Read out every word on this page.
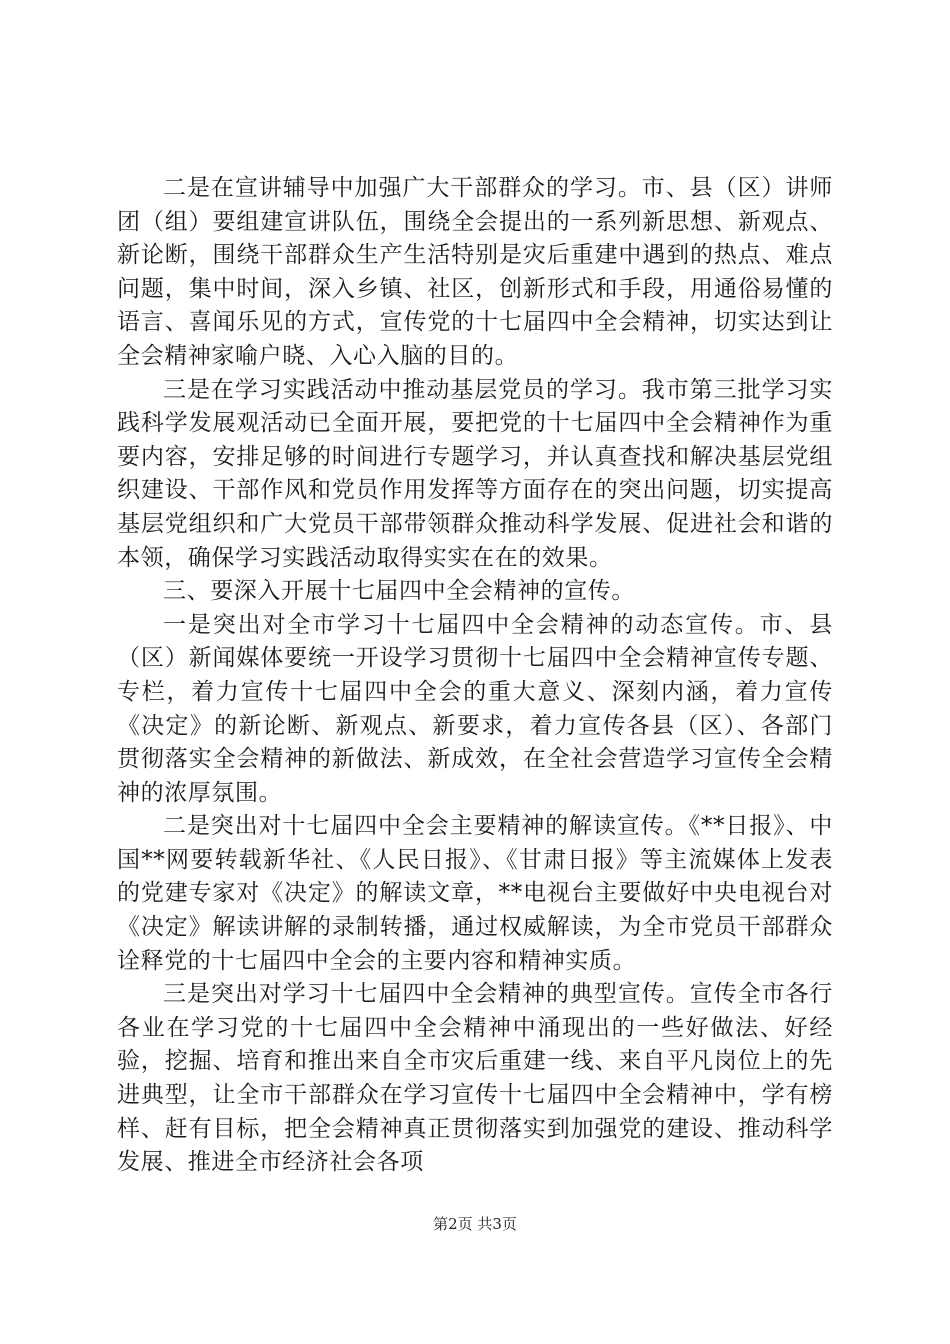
二是在宣讲辅导中加强广大干部群众的学习。市、县（区）讲师团（组）要组建宣讲队伍，围绕全会提出的一系列新思想、新观点、新论断，围绕干部群众生产生活特别是灾后重建中遇到的热点、难点问题，集中时间，深入乡镇、社区，创新形式和手段，用通俗易懂的语言、喜闻乐见的方式，宣传党的十七届四中全会精神，切实达到让全会精神家喻户晓、入心入脑的目的。

三是在学习实践活动中推动基层党员的学习。我市第三批学习实践科学发展观活动已全面开展，要把党的十七届四中全会精神作为重要内容，安排足够的时间进行专题学习，并认真查找和解决基层党组织建设、干部作风和党员作用发挥等方面存在的突出问题，切实提高基层党组织和广大党员干部带领群众推动科学发展、促进社会和谐的本领，确保学习实践活动取得实实在在的效果。

三、要深入开展十七届四中全会精神的宣传。

一是突出对全市学习十七届四中全会精神的动态宣传。市、县（区）新闻媒体要统一开设学习贯彻十七届四中全会精神宣传专题、专栏，着力宣传十七届四中全会的重大意义、深刻内涵，着力宣传《决定》的新论断、新观点、新要求，着力宣传各县（区）、各部门贯彻落实全会精神的新做法、新成效，在全社会营造学习宣传全会精神的浓厚氛围。

二是突出对十七届四中全会主要精神的解读宣传。《**日报》、中国**网要转载新华社、《人民日报》、《甘肃日报》等主流媒体上发表的党建专家对《决定》的解读文章，**电视台主要做好中央电视台对《决定》解读讲解的录制转播，通过权威解读，为全市党员干部群众诠释党的十七届四中全会的主要内容和精神实质。

三是突出对学习十七届四中全会精神的典型宣传。宣传全市各行各业在学习党的十七届四中全会精神中涌现出的一些好做法、好经验，挖掘、培育和推出来自全市灾后重建一线、来自平凡岗位上的先进典型，让全市干部群众在学习宣传十七届四中全会精神中，学有榜样、赶有目标，把全会精神真正贯彻落实到加强党的建设、推动科学发展、推进全市经济社会各项

第2页 共3页
